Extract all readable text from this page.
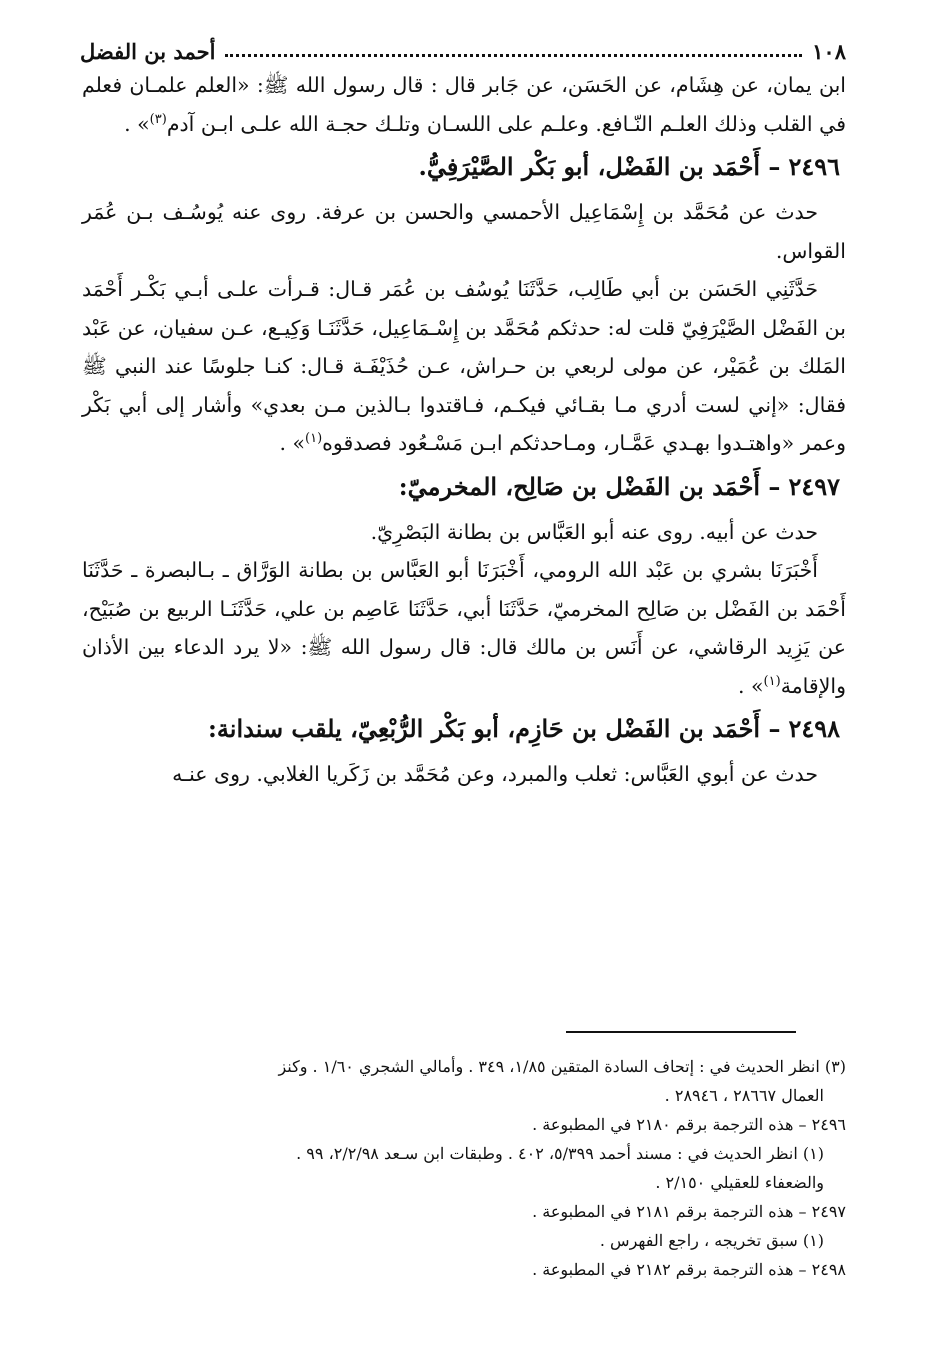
١٠٨
أحمد بن الفضل

ابن يمان، عن هِشَام، عن الحَسَن، عن جَابر قال : قال رسول الله ﷺ: «العلم علمـان فعلم في القلب وذلك العلـم النّـافع. وعلـم على اللسـان وتلـك حجـة الله علـى ابـن آدم$^{(٣)}$» .

٢٤٩٦– أَحْمَد بن الفَضْل، أبو بَكْر الصَّيْرَفِيُّ.

حدث عن مُحَمَّد بن إِسْمَاعِيل الأحمسي والحسن بن عرفة. روى عنه يُوسُـف بـن عُمَر القواس.

حَدَّثَنِي الحَسَن بن أبي طَالِب، حَدَّثَنَا يُوسُف بن عُمَر قـال: قـرأت علـى أبـي بَكْـر أَحْمَد بن الفَضْل الصَّيْرَفِيّ قلت له: حدثكم مُحَمَّد بن إِسْـمَاعِيل، حَدَّثَنَـا وَكِيـع، عـن سفيان، عن عَبْد المَلك بن عُمَيْر، عن مولى لربعي بن حـراش، عـن حُذَيْفَـة قـال: كنـا جلوسًا عند النبي ﷺ فقال: «إني لست أدري مـا بقـائي فيكـم، فـاقتدوا بـالذين مـن بعدي» وأشار إلى أبي بَكْر وعمر «واهتـدوا بهـدي عَمَّـار، ومـاحدثكم ابـن مَسْـعُود فصدقوه$^{(١)}$» .

٢٤٩٧– أَحْمَد بن الفَضْل بن صَالِح، المخرميّ:

حدث عن أبيه. روى عنه أبو العَبَّاس بن بطانة البَصْرِيّ.

أَخْبَرَنَا بشري بن عَبْد الله الرومي، أَخْبَرَنَا أبو العَبَّاس بن بطانة الوَرَّاق ـ بـالبصرة ـ حَدَّثَنَا أَحْمَد بن الفَضْل بن صَالِح المخرميّ، حَدَّثَنَا أبي، حَدَّثَنَا عَاصِم بن علي، حَدَّثَنَـا الربيع بن صُبَيْح، عن يَزِيد الرقاشي، عن أَنَس بن مالك قال: قال رسول الله ﷺ: «لا يرد الدعاء بين الأذان والإقامة$^{(١)}$» .

٢٤٩٨– أَحْمَد بن الفَضْل بن حَازِم، أبو بَكْر الرُّبْعِيّ، يلقب سندانة:

حدث عن أبوي العَبَّاس: ثعلب والمبرد، وعن مُحَمَّد بن زَكَريا الغلابي. روى عنـه

(٣) انظر الحديث في : إتحاف السادة المتقين ١/٨٥، ٣٤٩ . وأمالي الشجري ١/٦٠ . وكنز

العمال ٢٨٦٦٧ ، ٢٨٩٤٦ .

٢٤٩٦ – هذه الترجمة برقم ٢١٨٠ في المطبوعة .

(١) انظر الحديث في : مسند أحمد ٥/٣٩٩، ٤٠٢ . وطبقات ابن سـعد ٢/٢/٩٨، ٩٩ .

والضعفاء للعقيلي ٢/١٥٠ .

٢٤٩٧ – هذه الترجمة برقم ٢١٨١ في المطبوعة .

(١) سبق تخريجه ، راجع الفهرس .

٢٤٩٨ – هذه الترجمة برقم ٢١٨٢ في المطبوعة .
